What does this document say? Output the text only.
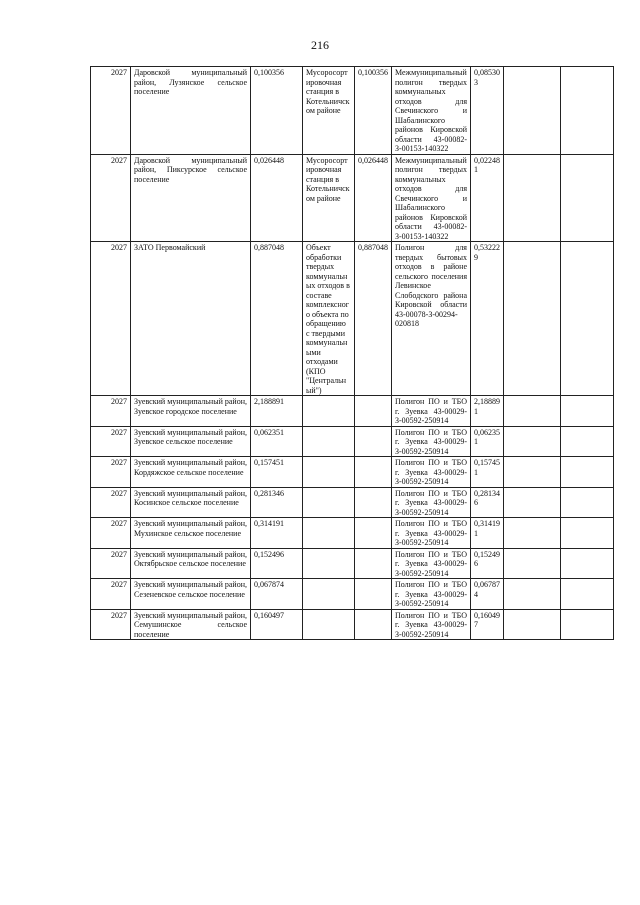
216
2027	Даровской муниципальный район, Лузянское сельское поселение	0,100356	Мусоросортировочная станция в Котельничском районе	0,100356	Межмуниципальный полигон твердых коммунальных отходов для Свечинского и Шабалинского районов Кировской области 43-00082-З-00153-140322	0,085303		
2027	Даровской муниципальный район, Пиксурское сельское поселение	0,026448	Мусоросортировочная станция в Котельничском районе	0,026448	Межмуниципальный полигон твердых коммунальных отходов для Свечинского и Шабалинского районов Кировской области 43-00082-З-00153-140322	0,022481		
2027	ЗАТО Первомайский	0,887048	Объект обработки твердых коммунальных отходов в составе комплексного объекта по обращению с твердыми коммунальными отходами (КПО "Центральный")	0,887048	Полигон для твердых бытовых отходов в районе сельского поселения Левинское Слободского района Кировской области 43-00078-З-00294-020818	0,532229		
2027	Зуевский муниципальный район, Зуевское городское поселение	2,188891			Полигон ПО и ТБО г. Зуевка 43-00029-З-00592-250914	2,188891		
2027	Зуевский муниципальный район, Зуевское сельское поселение	0,062351			Полигон ПО и ТБО г. Зуевка 43-00029-З-00592-250914	0,062351		
2027	Зуевский муниципальный район, Кордяжское сельское поселение	0,157451			Полигон ПО и ТБО г. Зуевка 43-00029-З-00592-250914	0,157451		
2027	Зуевский муниципальный район, Косинское сельское поселение	0,281346			Полигон ПО и ТБО г. Зуевка 43-00029-З-00592-250914	0,281346		
2027	Зуевский муниципальный район, Мухинское сельское поселение	0,314191			Полигон ПО и ТБО г. Зуевка 43-00029-З-00592-250914	0,314191		
2027	Зуевский муниципальный район, Октябрьское сельское поселение	0,152496			Полигон ПО и ТБО г. Зуевка 43-00029-З-00592-250914	0,152496		
2027	Зуевский муниципальный район, Сезеневское сельское поселение	0,067874			Полигон ПО и ТБО г. Зуевка 43-00029-З-00592-250914	0,067874		
2027	Зуевский муниципальный район, Семушинское сельское поселение	0,160497			Полигон ПО и ТБО г. Зуевка 43-00029-З-00592-250914	0,160497		
